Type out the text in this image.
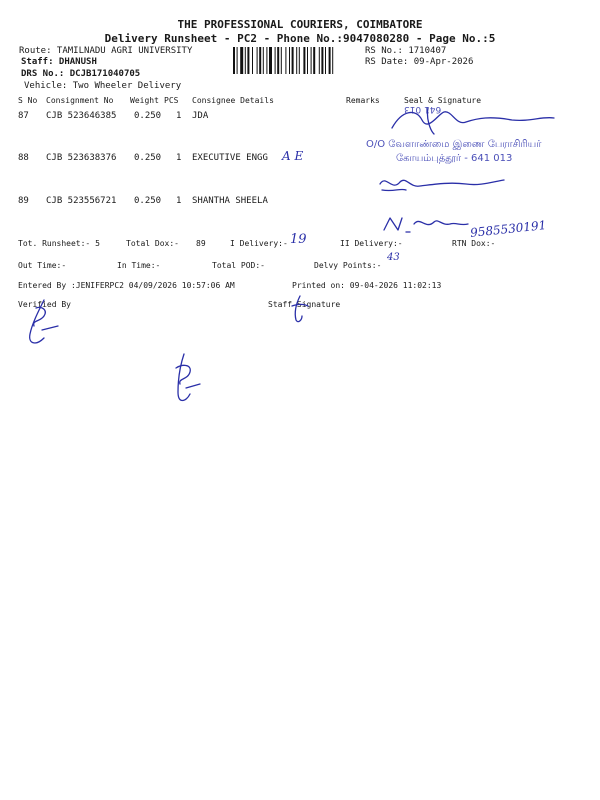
THE PROFESSIONAL COURIERS, COIMBATORE
Delivery Runsheet - PC2 - Phone No.:9047080280 - Page No.:5
Route: TAMILNADU AGRI UNIVERSITY
Staff: DHANUSH
DRS No.: DCJB171040705
Vehicle: Two Wheeler Delivery
RS No.: 1710407
RS Date: 09-Apr-2026
S No Consignment No Weight PCS Consignee Details	Remarks	Seal & Signature
87 CJB 523646385 0.250 1 JDA
88 CJB 523638376 0.250 1 EXECUTIVE ENGG
89 CJB 523556721 0.250 1 SHANTHA SHEELA
A E
641 013
O/O வேளாண்மை இணை பேராசிரியர்
கோயம்புத்தூர் - 641 013
9585530191
Tot. Runsheet:- 5	Total Dox:- 89	I Delivery:- 19	II Delivery:-	RTN Dox:-
Out Time:-	In Time:-	Total POD:-	Delvy Points:-
43
Entered By :JENIFERPC2 04/09/2026 10:57:06 AM	Printed on: 09-04-2026 11:02:13
Verified By	Staff Signature
